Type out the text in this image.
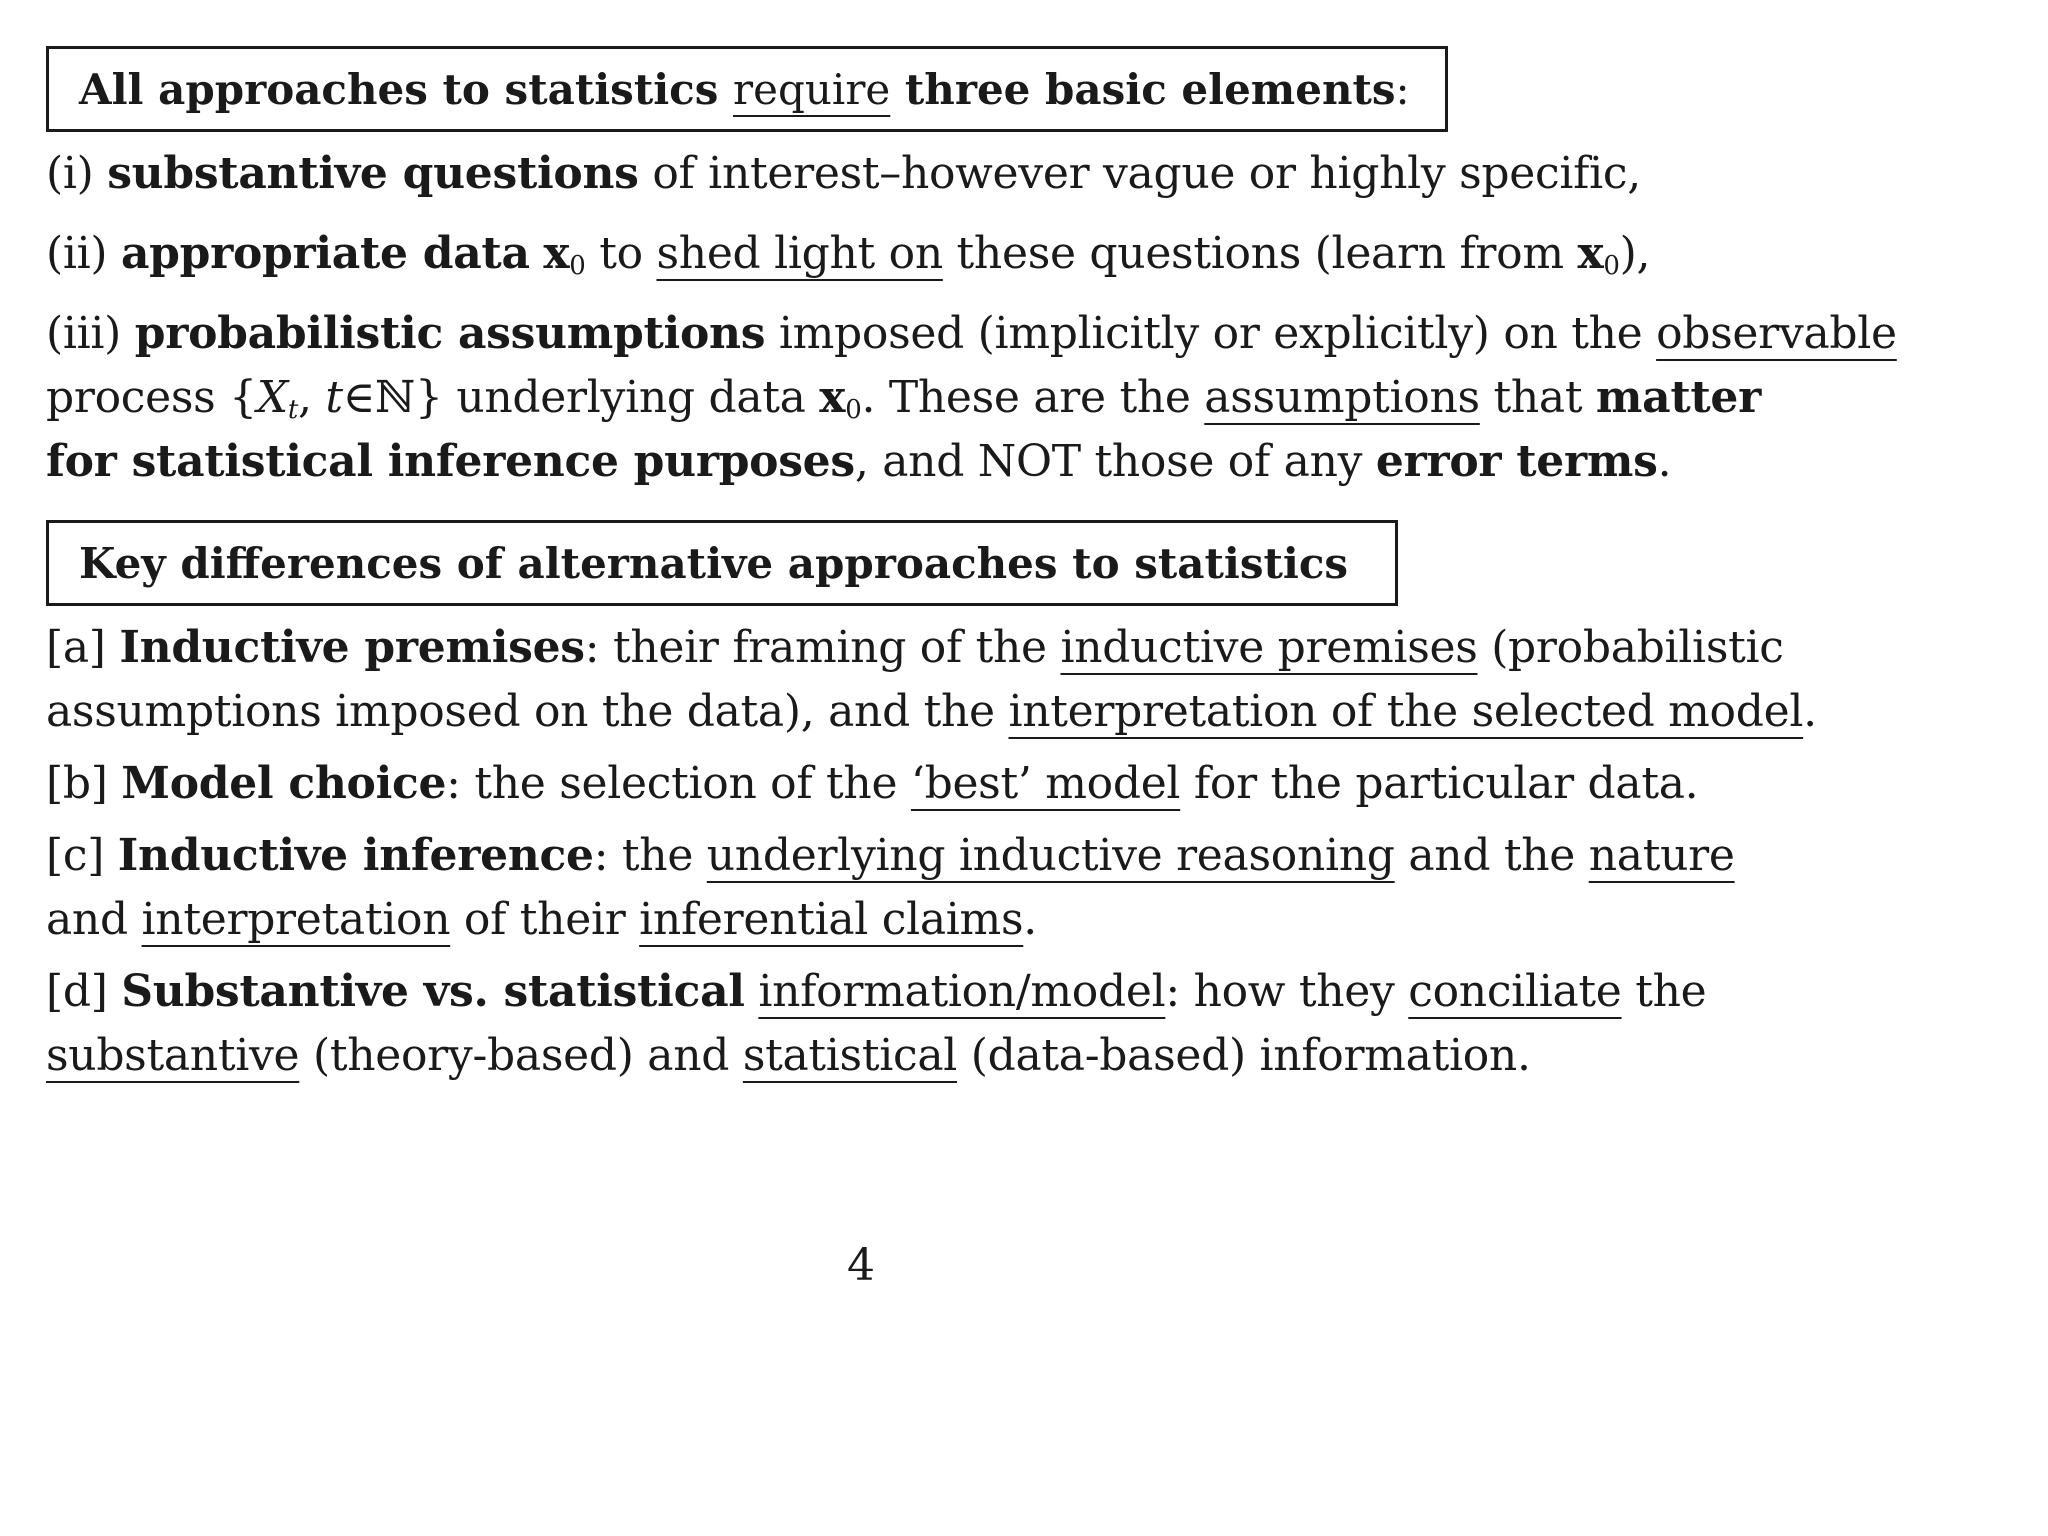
All approaches to statistics require three basic elements:
(i) substantive questions of interest–however vague or highly specific,
(ii) appropriate data $x_0$ to shed light on these questions (learn from $x_0$),
(iii) probabilistic assumptions imposed (implicitly or explicitly) on the observable
process {$X_t$, t∈ℕ} underlying data $x_0$. These are the assumptions that matter
for statistical inference purposes, and NOT those of any error terms.
Key differences of alternative approaches to statistics
[a] Inductive premises: their framing of the inductive premises (probabilistic
assumptions imposed on the data), and the interpretation of the selected model.
[b] Model choice: the selection of the ‘best’ model for the particular data.
[c] Inductive inference: the underlying inductive reasoning and the nature
and interpretation of their inferential claims.
[d] Substantive vs. statistical information/model: how they conciliate the
substantive (theory-based) and statistical (data-based) information.
4
